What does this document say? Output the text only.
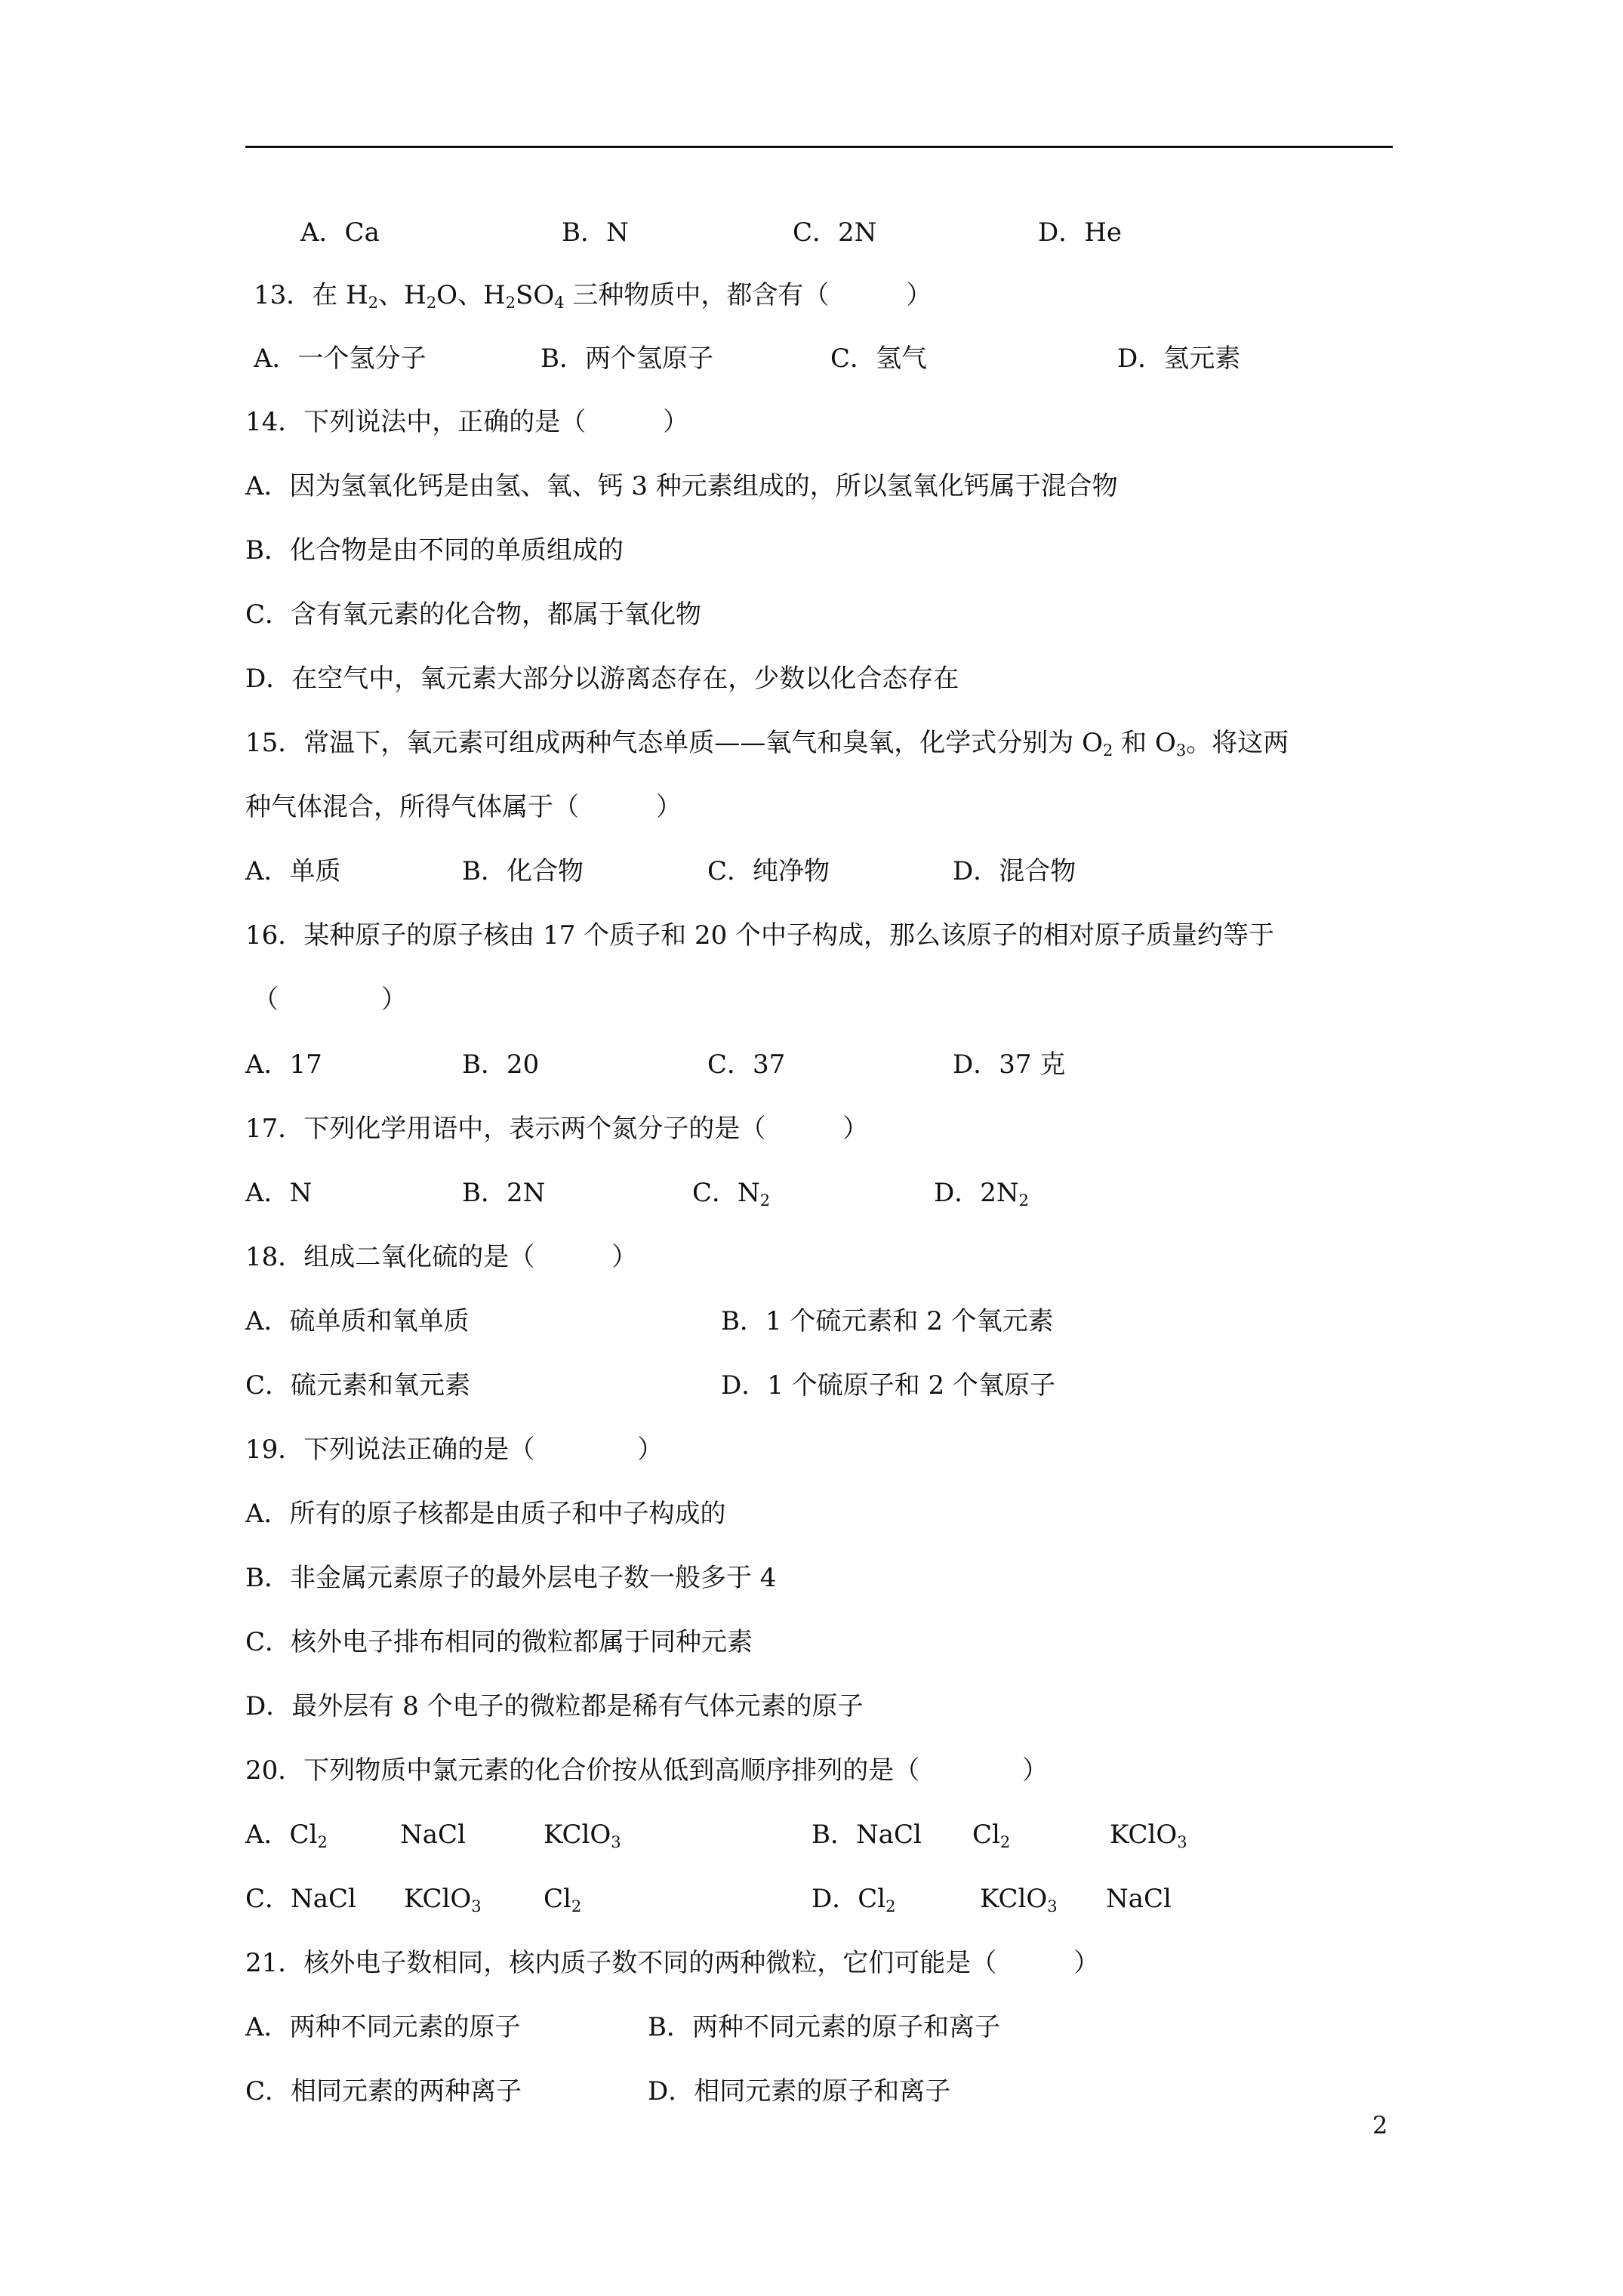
A．Ca	B．N	C．2N	D．He
13．在 $H_2$、$H_2O$、$H_2SO_4$ 三种物质中，都含有（　　　）
A．一个氢分子	B．两个氢原子	C．氢气	D．氢元素
14．下列说法中，正确的是（　　　）
A．因为氢氧化钙是由氢、氧、钙 3 种元素组成的，所以氢氧化钙属于混合物
B．化合物是由不同的单质组成的
C．含有氧元素的化合物，都属于氧化物
D．在空气中，氧元素大部分以游离态存在，少数以化合态存在
15．常温下，氧元素可组成两种气态单质——氧气和臭氧，化学式分别为 $O_2$ 和 $O_3$。将这两
种气体混合，所得气体属于（　　　）
A．单质	B．化合物	C．纯净物	D．混合物
16．某种原子的原子核由 17 个质子和 20 个中子构成，那么该原子的相对原子质量约等于
（　　　　）
A．17	B．20	C．37	D．37 克
17．下列化学用语中，表示两个氮分子的是（　　　）
A．N	B．2N	C．$N_2$	D．$2N_2$
18．组成二氧化硫的是（　　　）
A．硫单质和氧单质	B．1 个硫元素和 2 个氧元素
C．硫元素和氧元素	D．1 个硫原子和 2 个氧原子
19．下列说法正确的是（　　　　）
A．所有的原子核都是由质子和中子构成的
B．非金属元素原子的最外层电子数一般多于 4
C．核外电子排布相同的微粒都属于同种元素
D．最外层有 8 个电子的微粒都是稀有气体元素的原子
20．下列物质中氯元素的化合价按从低到高顺序排列的是（　　　　）
A．$Cl_2$	NaCl	KClO$_3$	B．NaCl $Cl_2$	KClO$_3$
C．NaCl KClO$_3$ $Cl_2$	D．$Cl_2$	KClO$_3$ NaCl
21．核外电子数相同，核内质子数不同的两种微粒，它们可能是（　　　）
A．两种不同元素的原子	B．两种不同元素的原子和离子
C．相同元素的两种离子	D．相同元素的原子和离子
2
